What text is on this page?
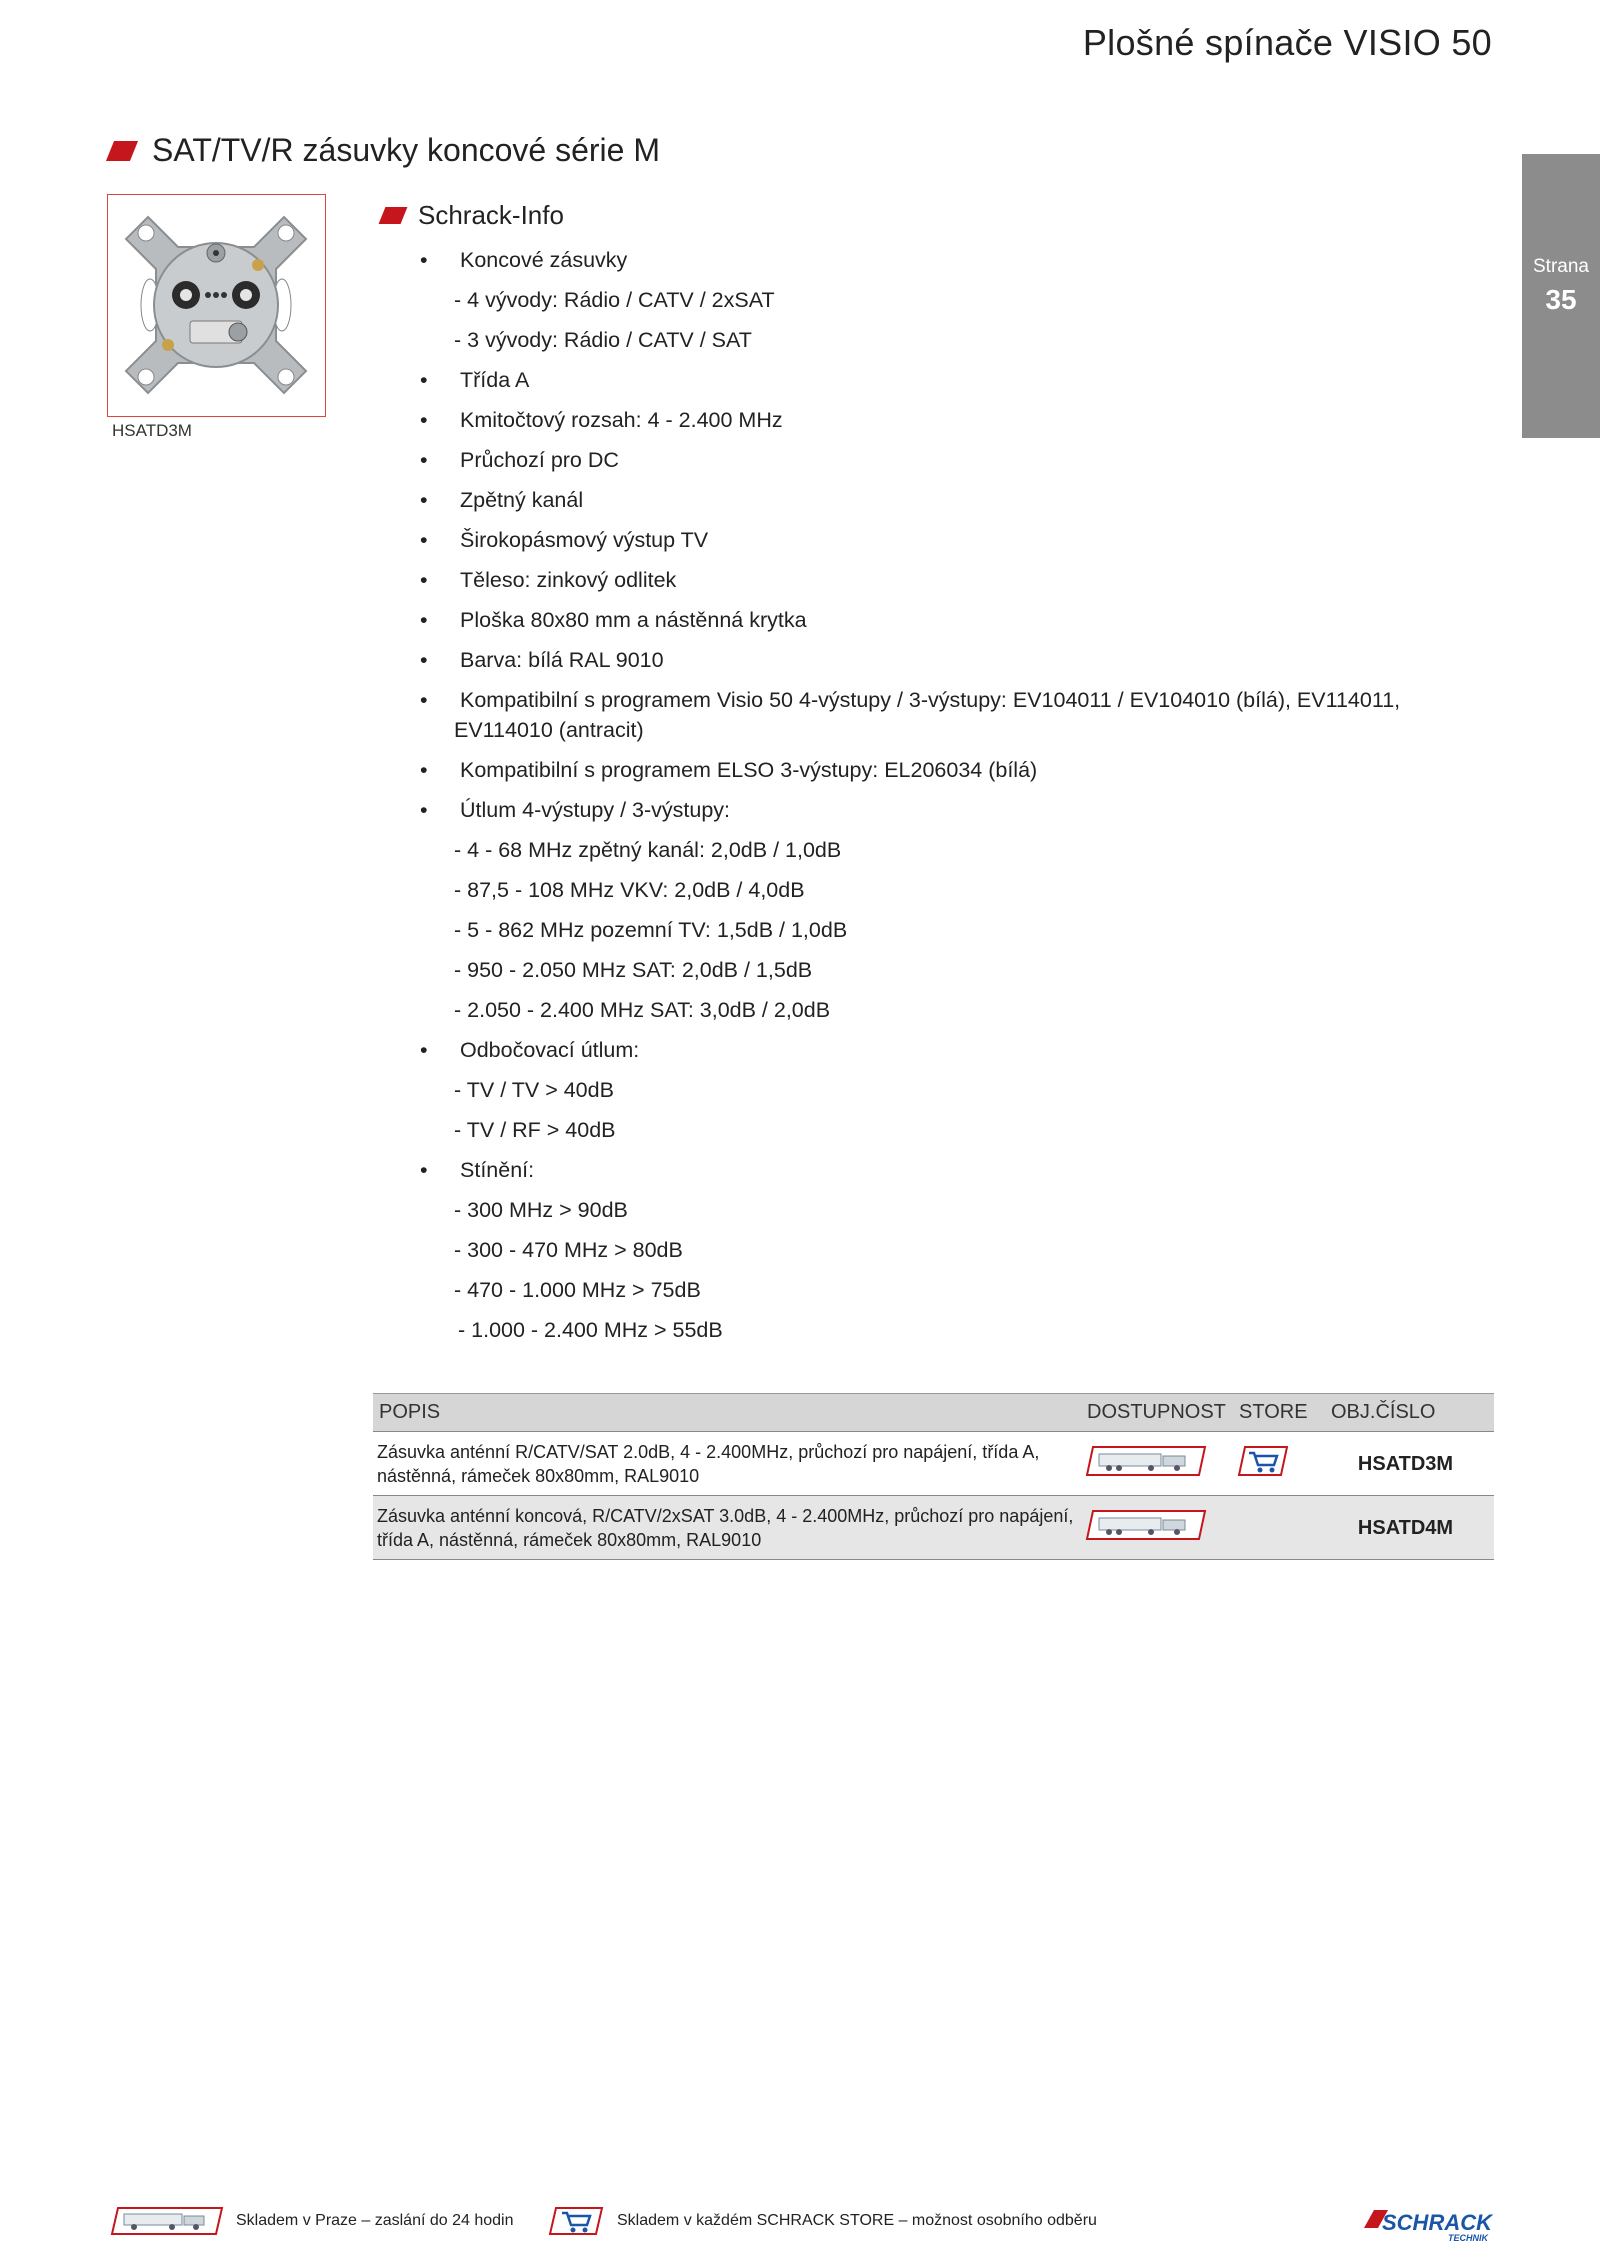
Plošné spínače VISIO 50
Strana
35
SAT/TV/R zásuvky koncové série M
HSATD3M
Schrack-Info
• Koncové zásuvky
- 4 vývody: Rádio / CATV / 2xSAT
- 3 vývody: Rádio / CATV / SAT
• Třída A
• Kmitočtový rozsah: 4 - 2.400 MHz
• Průchozí pro DC
• Zpětný kanál
• Širokopásmový výstup TV
• Těleso: zinkový odlitek
• Ploška 80x80 mm a nástěnná krytka
• Barva: bílá RAL 9010
• Kompatibilní s programem Visio 50 4-výstupy / 3-výstupy: EV104011 / EV104010 (bílá), EV114011, EV114010 (antracit)
• Kompatibilní s programem ELSO 3-výstupy: EL206034 (bílá)
• Útlum 4-výstupy / 3-výstupy:
- 4 - 68 MHz zpětný kanál: 2,0dB / 1,0dB
- 87,5 - 108 MHz VKV: 2,0dB / 4,0dB
- 5 - 862 MHz pozemní TV: 1,5dB / 1,0dB
- 950 - 2.050 MHz SAT: 2,0dB / 1,5dB
- 2.050 - 2.400 MHz SAT: 3,0dB / 2,0dB
• Odbočovací útlum:
- TV / TV > 40dB
- TV / RF > 40dB
• Stínění:
- 300 MHz > 90dB
- 300 - 470 MHz > 80dB
- 470 - 1.000 MHz > 75dB
- 1.000 - 2.400 MHz > 55dB
POPIS	DOSTUPNOST	STORE	OBJ.ČÍSLO
Zásuvka anténní R/CATV/SAT 2.0dB, 4 - 2.400MHz, průchozí pro napájení, třída A, nástěnná, rámeček 80x80mm, RAL9010			HSATD3M
Zásuvka anténní koncová, R/CATV/2xSAT 3.0dB, 4 - 2.400MHz, průchozí pro napájení, třída A, nástěnná, rámeček 80x80mm, RAL9010			HSATD4M
Skladem v Praze – zaslání do 24 hodin	Skladem v každém SCHRACK STORE – možnost osobního odběru	SCHRACK
TECHNIK
